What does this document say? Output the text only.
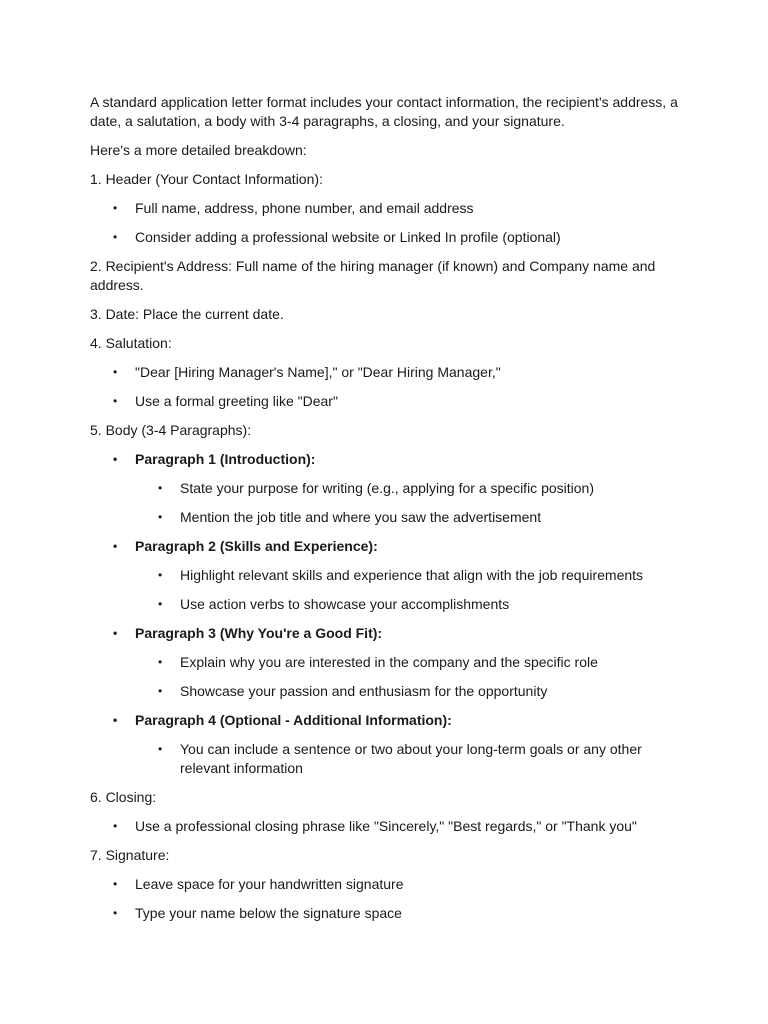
A standard application letter format includes your contact information, the recipient's address, a date, a salutation, a body with 3-4 paragraphs, a closing, and your signature.

Here's a more detailed breakdown:

1. Header (Your Contact Information):

• Full name, address, phone number, and email address
• Consider adding a professional website or Linked In profile (optional)

2. Recipient's Address: Full name of the hiring manager (if known) and Company name and address.

3. Date: Place the current date.

4. Salutation:

• "Dear [Hiring Manager's Name]," or "Dear Hiring Manager,"
• Use a formal greeting like "Dear"

5. Body (3-4 Paragraphs):

• Paragraph 1 (Introduction):
• State your purpose for writing (e.g., applying for a specific position)
• Mention the job title and where you saw the advertisement
• Paragraph 2 (Skills and Experience):
• Highlight relevant skills and experience that align with the job requirements
• Use action verbs to showcase your accomplishments
• Paragraph 3 (Why You're a Good Fit):
• Explain why you are interested in the company and the specific role
• Showcase your passion and enthusiasm for the opportunity
• Paragraph 4 (Optional - Additional Information):
• You can include a sentence or two about your long-term goals or any other relevant information

6. Closing:

• Use a professional closing phrase like "Sincerely," "Best regards," or "Thank you"

7. Signature:

• Leave space for your handwritten signature
• Type your name below the signature space
